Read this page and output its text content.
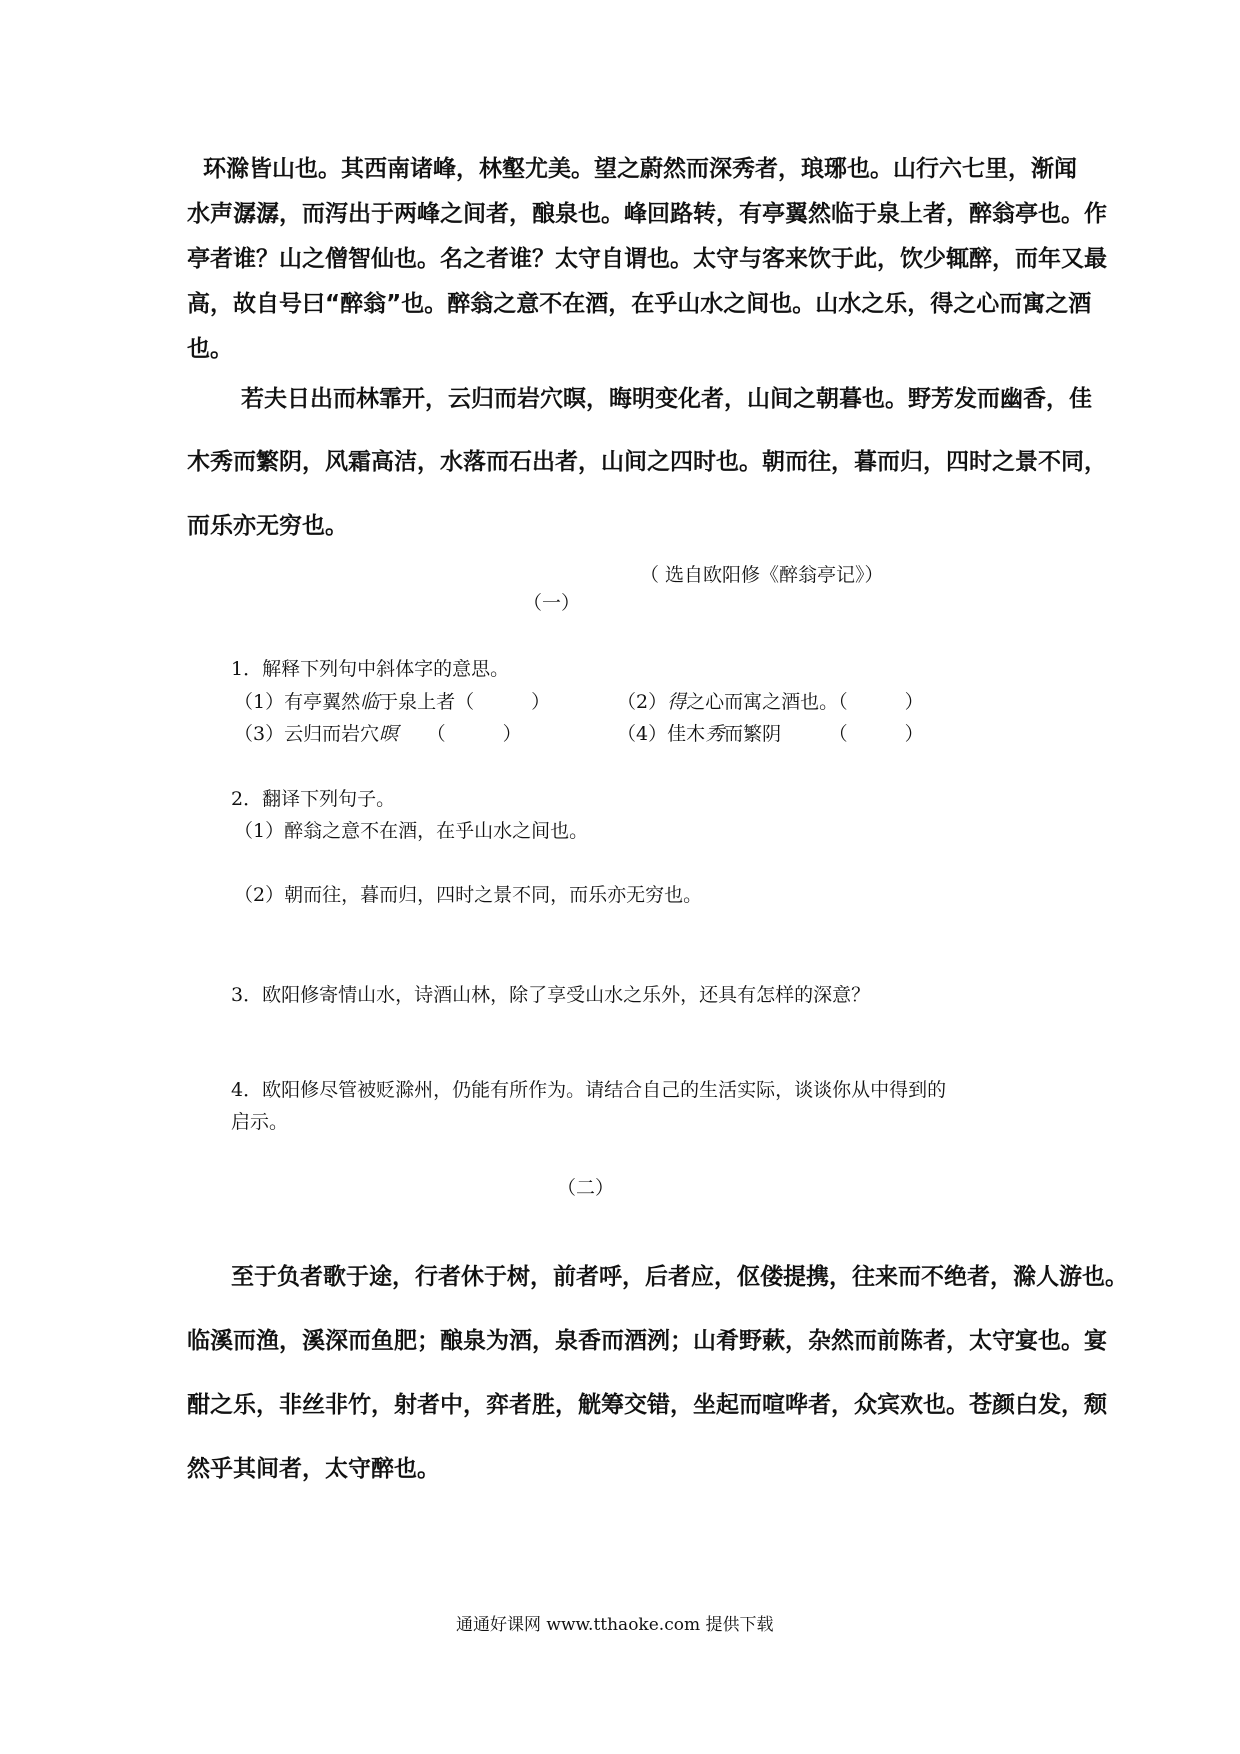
环滁皆山也。其西南诸峰，林壑尤美。望之蔚然而深秀者，琅琊也。山行六七里，渐闻
水声潺潺，而泻出于两峰之间者，酿泉也。峰回路转，有亭翼然临于泉上者，醉翁亭也。作
亭者谁？山之僧智仙也。名之者谁？太守自谓也。太守与客来饮于此，饮少辄醉，而年又最
高，故自号曰“醉翁”也。醉翁之意不在酒，在乎山水之间也。山水之乐，得之心而寓之酒
也。
若夫日出而林霏开，云归而岩穴暝，晦明变化者，山间之朝暮也。野芳发而幽香，佳
木秀而繁阴，风霜高洁，水落而石出者，山间之四时也。朝而往，暮而归，四时之景不同，
而乐亦无穷也。
（ 选自欧阳修《醉翁亭记》）
（一）
1．解释下列句中斜体字的意思。
（1）有亭翼然临于泉上者（　　　）	（2）得之心而寓之酒也。（　　　）
（3）云归而岩穴暝　　（　　　）	（4）佳木秀而繁阴　　　（　　　）
2．翻译下列句子。
（1）醉翁之意不在酒，在乎山水之间也。
（2）朝而往，暮而归，四时之景不同，而乐亦无穷也。
3．欧阳修寄情山水，诗酒山林，除了享受山水之乐外，还具有怎样的深意？
4．欧阳修尽管被贬滁州，仍能有所作为。请结合自己的生活实际，谈谈你从中得到的
启示。
（二）
至于负者歌于途，行者休于树，前者呼，后者应，伛偻提携，往来而不绝者，滁人游也。
临溪而渔，溪深而鱼肥；酿泉为酒，泉香而酒洌；山肴野蔌，杂然而前陈者，太守宴也。宴
酣之乐，非丝非竹，射者中，弈者胜，觥筹交错，坐起而喧哗者，众宾欢也。苍颜白发，颓
然乎其间者，太守醉也。
通通好课网 www.tthaoke.com 提供下载
